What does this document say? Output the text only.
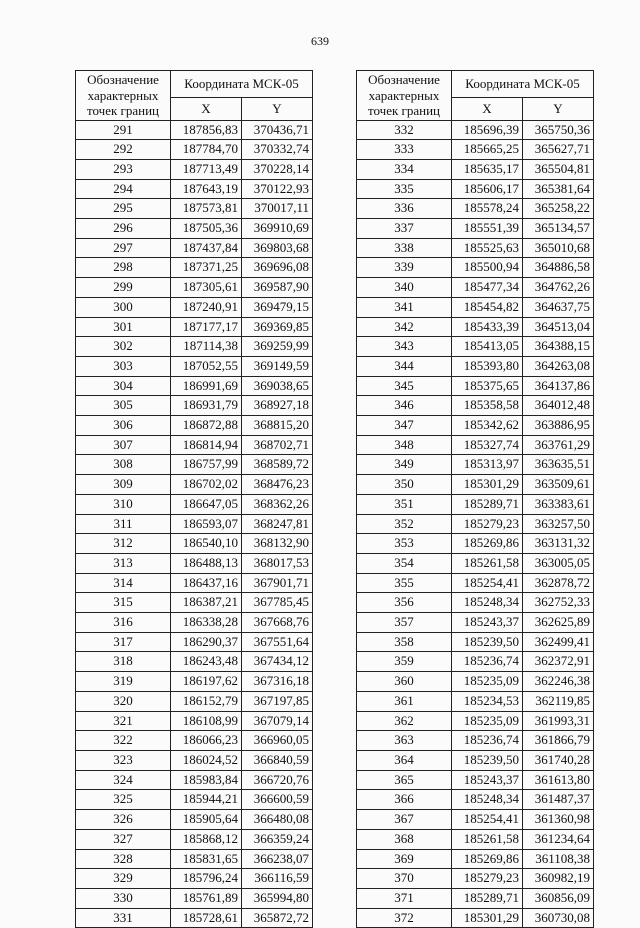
639
Обозначение характерных точек границ	Координата МСК-05	
	X	Y
291	187856,83	370436,71
292	187784,70	370332,74
293	187713,49	370228,14
294	187643,19	370122,93
295	187573,81	370017,11
296	187505,36	369910,69
297	187437,84	369803,68
298	187371,25	369696,08
299	187305,61	369587,90
300	187240,91	369479,15
301	187177,17	369369,85
302	187114,38	369259,99
303	187052,55	369149,59
304	186991,69	369038,65
305	186931,79	368927,18
306	186872,88	368815,20
307	186814,94	368702,71
308	186757,99	368589,72
309	186702,02	368476,23
310	186647,05	368362,26
311	186593,07	368247,81
312	186540,10	368132,90
313	186488,13	368017,53
314	186437,16	367901,71
315	186387,21	367785,45
316	186338,28	367668,76
317	186290,37	367551,64
318	186243,48	367434,12
319	186197,62	367316,18
320	186152,79	367197,85
321	186108,99	367079,14
322	186066,23	366960,05
323	186024,52	366840,59
324	185983,84	366720,76
325	185944,21	366600,59
326	185905,64	366480,08
327	185868,12	366359,24
328	185831,65	366238,07
329	185796,24	366116,59
330	185761,89	365994,80
331	185728,61	365872,72
Обозначение характерных точек границ	Координата МСК-05	
	X	Y
332	185696,39	365750,36
333	185665,25	365627,71
334	185635,17	365504,81
335	185606,17	365381,64
336	185578,24	365258,22
337	185551,39	365134,57
338	185525,63	365010,68
339	185500,94	364886,58
340	185477,34	364762,26
341	185454,82	364637,75
342	185433,39	364513,04
343	185413,05	364388,15
344	185393,80	364263,08
345	185375,65	364137,86
346	185358,58	364012,48
347	185342,62	363886,95
348	185327,74	363761,29
349	185313,97	363635,51
350	185301,29	363509,61
351	185289,71	363383,61
352	185279,23	363257,50
353	185269,86	363131,32
354	185261,58	363005,05
355	185254,41	362878,72
356	185248,34	362752,33
357	185243,37	362625,89
358	185239,50	362499,41
359	185236,74	362372,91
360	185235,09	362246,38
361	185234,53	362119,85
362	185235,09	361993,31
363	185236,74	361866,79
364	185239,50	361740,28
365	185243,37	361613,80
366	185248,34	361487,37
367	185254,41	361360,98
368	185261,58	361234,64
369	185269,86	361108,38
370	185279,23	360982,19
371	185289,71	360856,09
372	185301,29	360730,08
